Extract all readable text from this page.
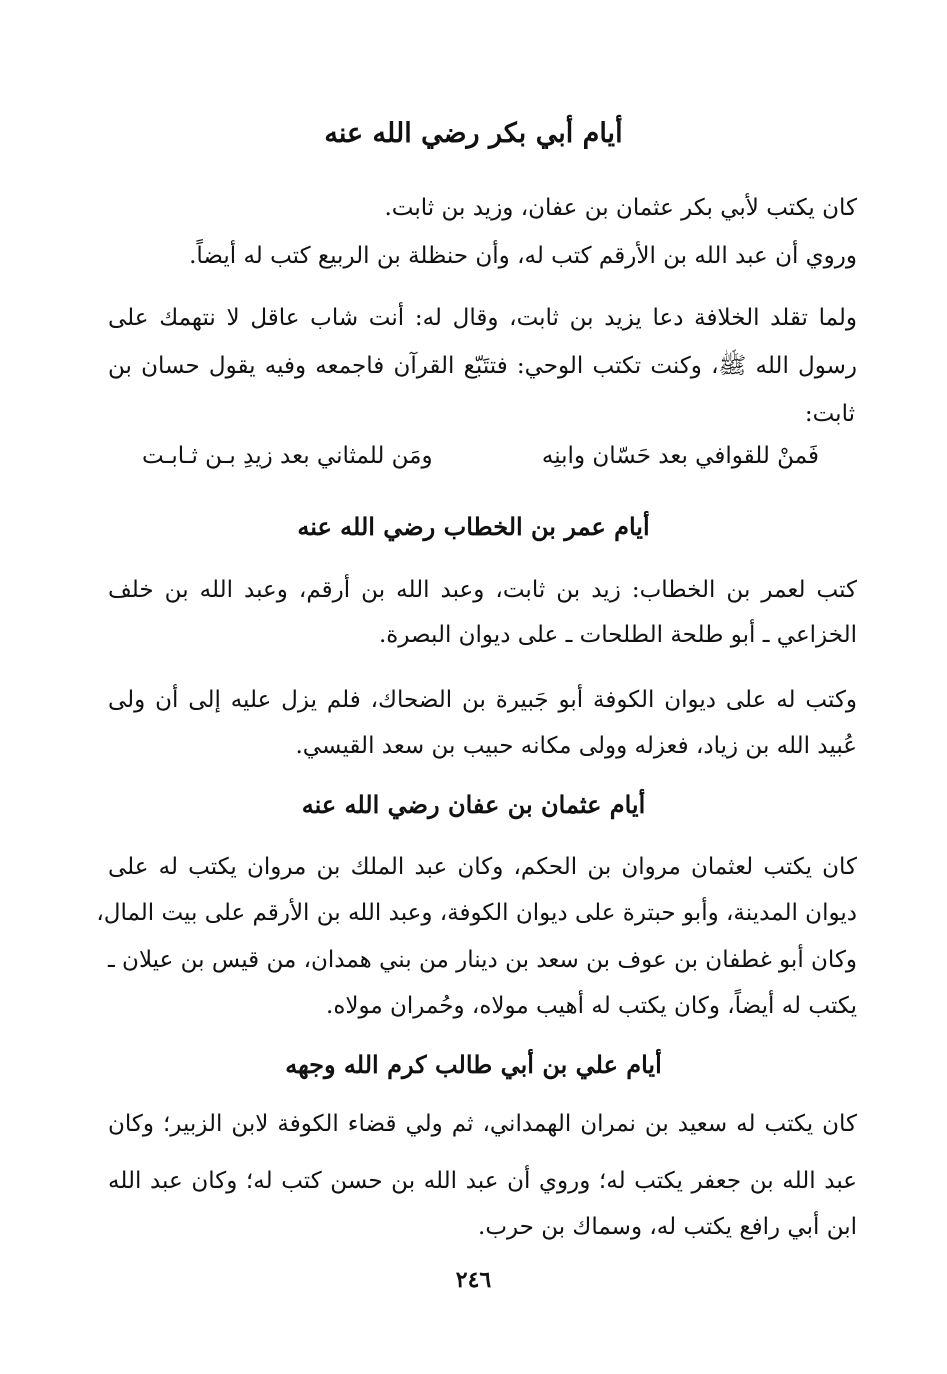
أيام أبي بكر رضي الله عنه
كان يكتب لأبي بكر عثمان بن عفان، وزيد بن ثابت.
وروي أن عبد الله بن الأرقم كتب له، وأن حنظلة بن الربيع كتب له أيضاً.
ولما تقلد الخلافة دعا يزيد بن ثابت، وقال له: أنت شاب عاقل لا نتهمك على
رسول الله ﷺ، وكنت تكتب الوحي: فتتَبّع القرآن فاجمعه وفيه يقول حسان بن
ثابت:
فَمنْ للقوافي بعد حَسّان وابنِه
ومَن للمثاني بعد زيدِ بـن ثـابـت
أيام عمر بن الخطاب رضي الله عنه
كتب لعمر بن الخطاب: زيد بن ثابت، وعبد الله بن أرقم، وعبد الله بن خلف
الخزاعي ـ أبو طلحة الطلحات ـ على ديوان البصرة.
وكتب له على ديوان الكوفة أبو جَبيرة بن الضحاك، فلم يزل عليه إلى أن ولى
عُبيد الله بن زياد، فعزله وولى مكانه حبيب بن سعد القيسي.
أيام عثمان بن عفان رضي الله عنه
كان يكتب لعثمان مروان بن الحكم، وكان عبد الملك بن مروان يكتب له على
ديوان المدينة، وأبو حبترة على ديوان الكوفة، وعبد الله بن الأرقم على بيت المال،
وكان أبو غطفان بن عوف بن سعد بن دينار من بني همدان، من قيس بن عيلان ـ
يكتب له أيضاً، وكان يكتب له أهيب مولاه، وحُمران مولاه.
أيام علي بن أبي طالب كرم الله وجهه
كان يكتب له سعيد بن نمران الهمداني، ثم ولي قضاء الكوفة لابن الزبير؛ وكان
عبد الله بن جعفر يكتب له؛ وروي أن عبد الله بن حسن كتب له؛ وكان عبد الله
ابن أبي رافع يكتب له، وسماك بن حرب.
٢٤٦
